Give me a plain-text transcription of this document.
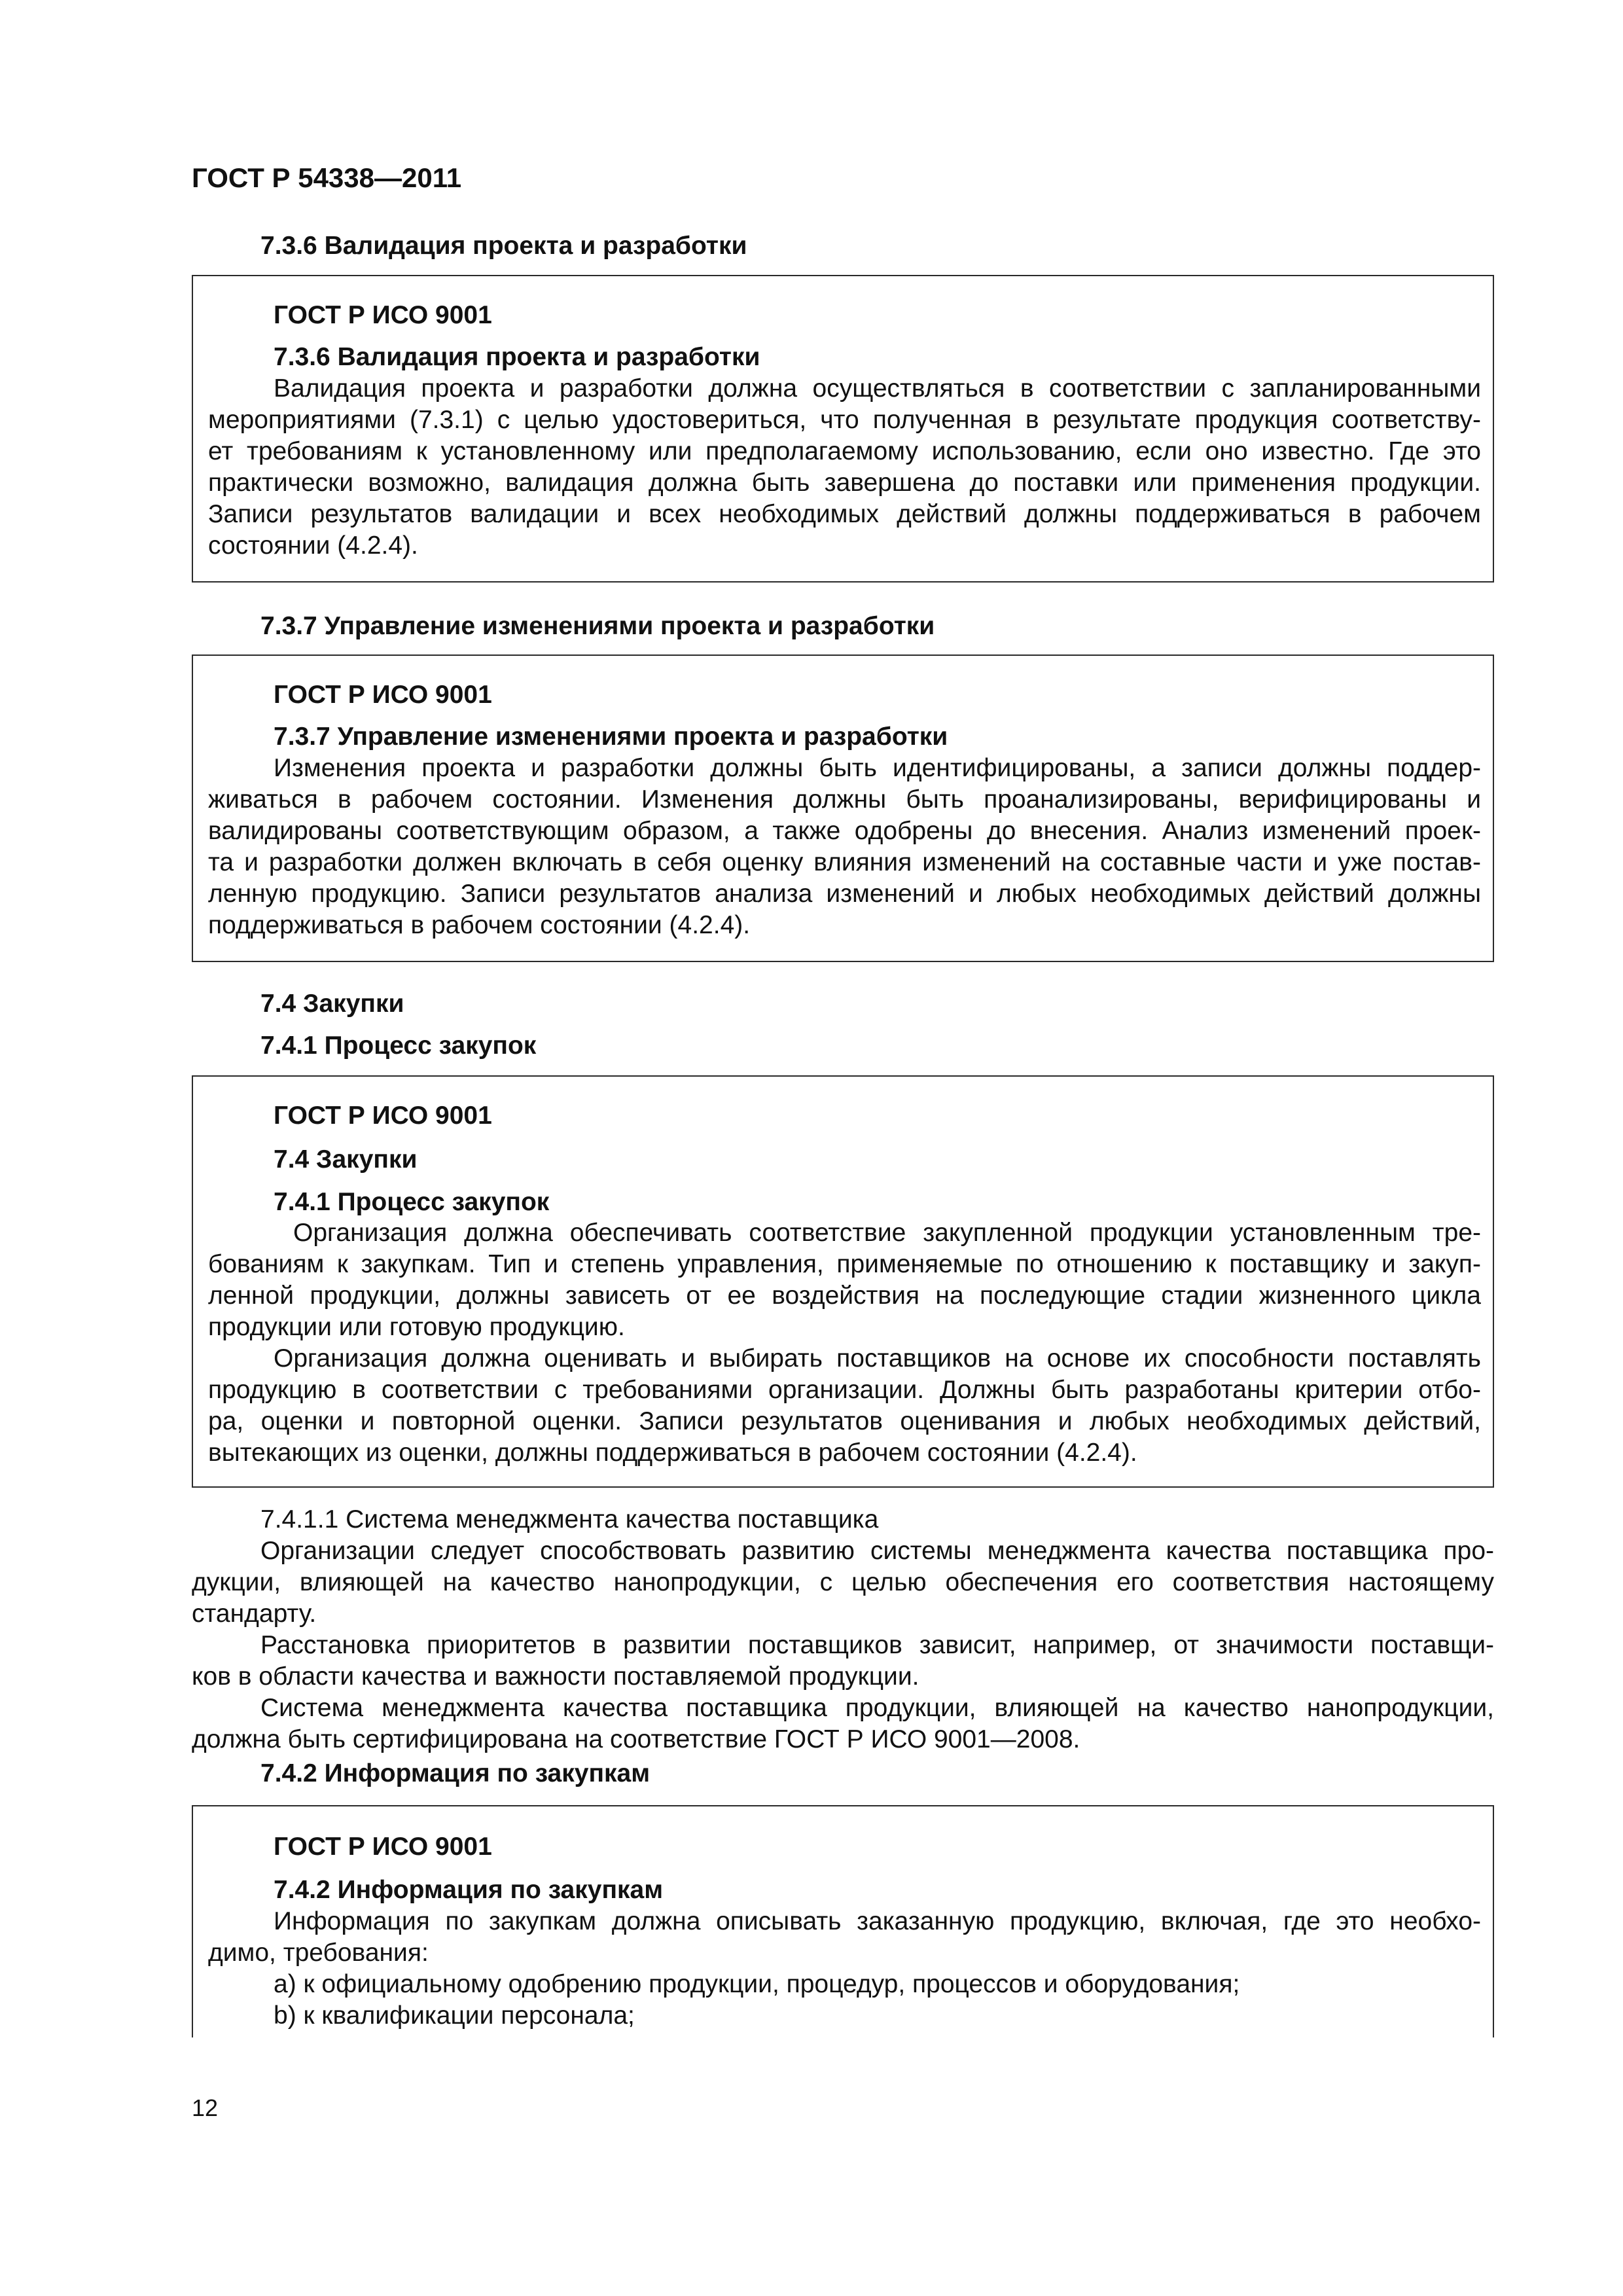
ГОСТ Р 54338—2011
7.3.6 Валидация проекта и разработки
ГОСТ Р ИСО 9001
7.3.6 Валидация проекта и разработки
Валидация проекта и разработки должна осуществляться в соответствии с запланированными
мероприятиями (7.3.1) с целью удостовериться, что полученная в результате продукция соответству-
ет требованиям к установленному или предполагаемому использованию, если оно известно. Где это
практически возможно, валидация должна быть завершена до поставки или применения продукции.
Записи результатов валидации и всех необходимых действий должны поддерживаться в рабочем
состоянии (4.2.4).
7.3.7 Управление изменениями проекта и разработки
ГОСТ Р ИСО 9001
7.3.7 Управление изменениями проекта и разработки
Изменения проекта и разработки должны быть идентифицированы, а записи должны поддер-
живаться в рабочем состоянии. Изменения должны быть проанализированы, верифицированы и
валидированы соответствующим образом, а также одобрены до внесения. Анализ изменений проек-
та и разработки должен включать в себя оценку влияния изменений на составные части и уже постав-
ленную продукцию. Записи результатов анализа изменений и любых необходимых действий должны
поддерживаться в рабочем состоянии (4.2.4).
7.4 Закупки
7.4.1 Процесс закупок
ГОСТ Р ИСО 9001
7.4 Закупки
7.4.1 Процесс закупок
Организация должна обеспечивать соответствие закупленной продукции установленным тре-
бованиям к закупкам. Тип и степень управления, применяемые по отношению к поставщику и закуп-
ленной продукции, должны зависеть от ее воздействия на последующие стадии жизненного цикла
продукции или готовую продукцию.
Организация должна оценивать и выбирать поставщиков на основе их способности поставлять
продукцию в соответствии с требованиями организации. Должны быть разработаны критерии отбо-
ра, оценки и повторной оценки. Записи результатов оценивания и любых необходимых действий,
вытекающих из оценки, должны поддерживаться в рабочем состоянии (4.2.4).
7.4.1.1 Система менеджмента качества поставщика
Организации следует способствовать развитию системы менеджмента качества поставщика про-
дукции, влияющей на качество нанопродукции, с целью обеспечения его соответствия настоящему
стандарту.
Расстановка приоритетов в развитии поставщиков зависит, например, от значимости поставщи-
ков в области качества и важности поставляемой продукции.
Система менеджмента качества поставщика продукции, влияющей на качество нанопродукции,
должна быть сертифицирована на соответствие ГОСТ Р ИСО 9001—2008.
7.4.2 Информация по закупкам
ГОСТ Р ИСО 9001
7.4.2 Информация по закупкам
Информация по закупкам должна описывать заказанную продукцию, включая, где это необхо-
димо, требования:
a) к официальному одобрению продукции, процедур, процессов и оборудования;
b) к квалификации персонала;
12
